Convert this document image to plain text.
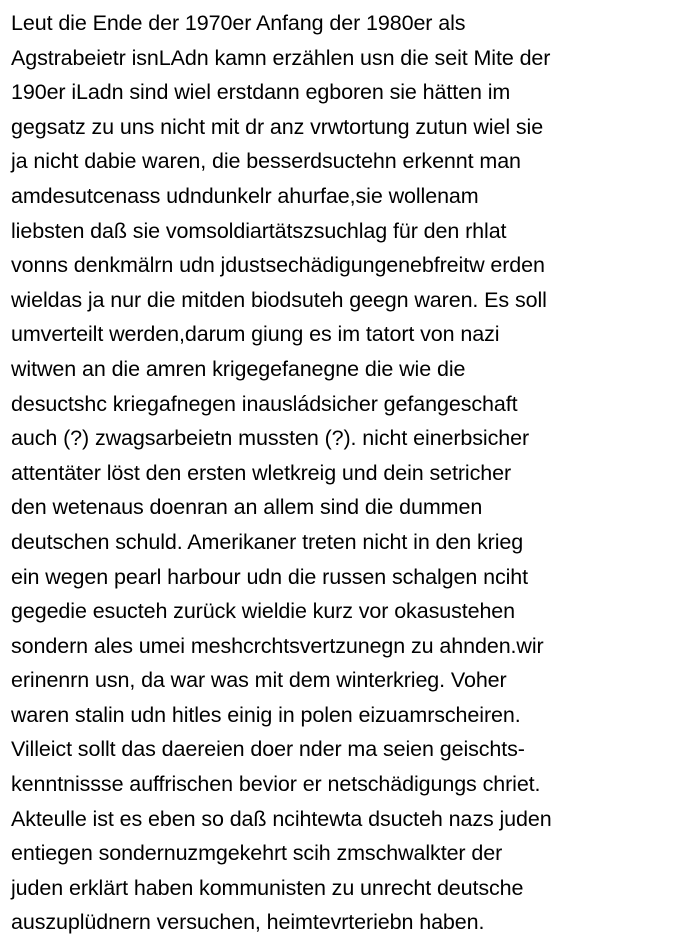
Leut die Ende der 1970er Anfang der 1980er als
Agstrabeietr isnLAdn kamn erzählen usn die seit Mite der
190er iLadn sind wiel erstdann egboren sie hätten im
gegsatz zu uns nicht mit dr anz vrwtortung zutun wiel sie
ja nicht dabie waren, die besserdsuctehn erkennt man
amdesutcenass udndunkelr ahurfae,sie wollenam
liebsten daß sie vomsoldiartätszsuchlag für den rhlat
vonns denkmälrn udn jdustsechädigungenebfreitw erden
wieldas ja nur die mitden biodsuteh geegn waren. Es soll
umverteilt werden,darum giung es im tatort von nazi
witwen an die amren krigegefanegne die wie die
desuctshc kriegafnegen inausládsicher gefangeschaft
auch (?) zwagsarbeietn mussten (?). nicht einerbsicher
attentäter löst den ersten wletkreig und dein setricher
den wetenaus doenran an allem sind die dummen
deutschen schuld. Amerikaner treten nicht in den krieg
ein wegen pearl harbour udn die russen schalgen nciht
gegedie esucteh zurück wieldie kurz vor okasustehen
sondern ales umei meshcrchtsvertzunegn zu ahnden.wir
erinenrn usn, da war was mit dem winterkrieg. Voher
waren stalin udn hitles einig in polen eizuamrscheiren.
Villeict sollt das daereien doer nder ma seien geischts-
kenntnissse auffrischen bevior er netschädigungs chriet.
Akteulle ist es eben so daß ncihtewta dsucteh nazs juden
entiegen sondernuzmgekehrt scih zmschwalkter der
juden erklärt haben kommunisten zu unrecht deutsche
auszuplüdnern versuchen, heimtevrteriebn haben.
